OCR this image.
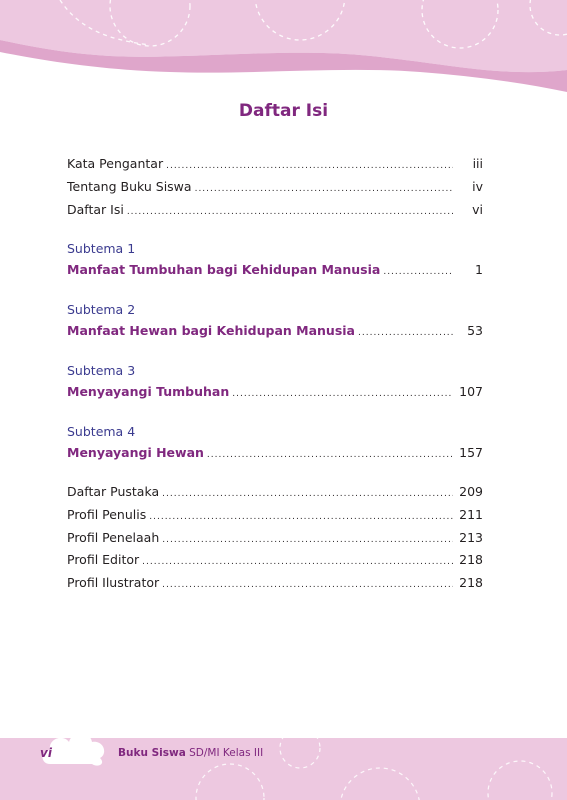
Daftar Isi
Kata Pengantar .....	iii
Tentang Buku Siswa .....	iv
Daftar Isi .....	vi
Subtema 1
Manfaat Tumbuhan bagi Kehidupan Manusia .....	1
Subtema 2
Manfaat Hewan bagi Kehidupan Manusia .....	53
Subtema 3
Menyayangi Tumbuhan .....	107
Subtema 4
Menyayangi Hewan .....	157
Daftar Pustaka .....	209
Profil Penulis .....	211
Profil Penelaah .....	213
Profil Editor .....	218
Profil Ilustrator .....	218
vi	Buku Siswa SD/MI Kelas III
